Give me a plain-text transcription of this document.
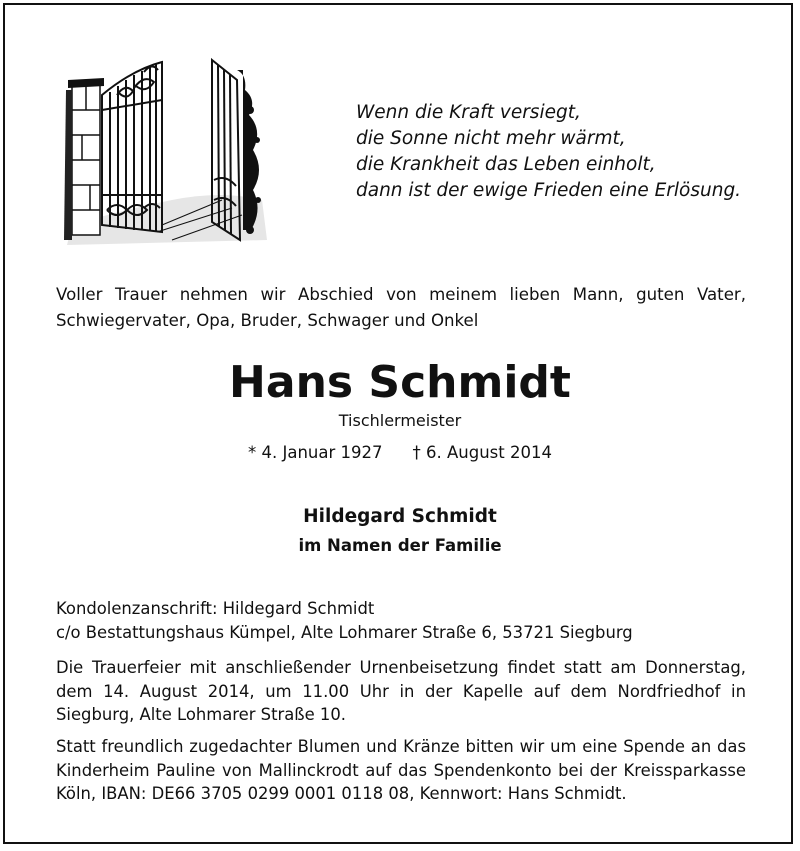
Wenn die Kraft versiegt,
die Sonne nicht mehr wärmt,
die Krankheit das Leben einholt,
dann ist der ewige Frieden eine Erlösung.
Voller Trauer nehmen wir Abschied von meinem lieben Mann, guten Vater, Schwiegervater, Opa, Bruder, Schwager und Onkel
Hans Schmidt
Tischlermeister
* 4. Januar 1927 † 6. August 2014
Hildegard Schmidt
im Namen der Familie
Kondolenzanschrift: Hildegard Schmidt
c/o Bestattungshaus Kümpel, Alte Lohmarer Straße 6, 53721 Siegburg
Die Trauerfeier mit anschließender Urnenbeisetzung findet statt am Donnerstag, dem 14. August 2014, um 11.00 Uhr in der Kapelle auf dem Nordfriedhof in Siegburg, Alte Lohmarer Straße 10.
Statt freundlich zugedachter Blumen und Kränze bitten wir um eine Spende an das Kinderheim Pauline von Mallinckrodt auf das Spendenkonto bei der Kreissparkasse Köln, IBAN: DE66 3705 0299 0001 0118 08, Kennwort: Hans Schmidt.
